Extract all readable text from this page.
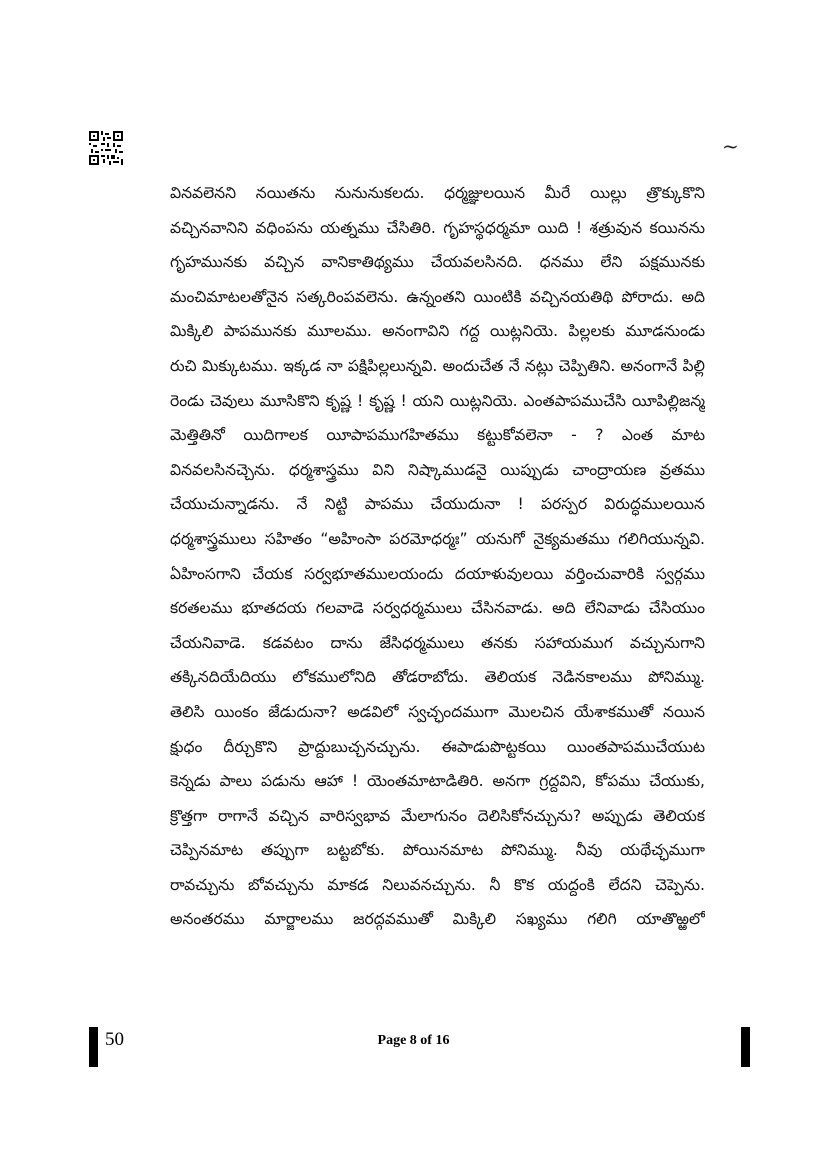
~
వినవలెనని నయితను నునునుకలదు. ధర్మజ్ఞులయిన మీరే యిల్లు త్రొక్కుకొని
వచ్చినవానిని వధింపను యత్నము చేసితిరి. గృహస్థధర్మమా యిది ! శత్రువున కయినను
గృహమునకు వచ్చిన వానికాతిథ్యము చేయవలసినది. ధనము లేని పక్షమునకు
మంచిమాటలతోనైన సత్కరింపవలెను. ఉన్నంతని యింటికి వచ్చినయతిథి పోరాదు. అది
మిక్కిలి పాపమునకు మూలము. అనంగావిని గద్ద యిట్లనియె. పిల్లలకు మూడనుండు
రుచి మిక్కుటము. ఇక్కడ నా పక్షిపిల్లలున్నవి. అందుచేత నే నట్లు చెప్పితిని. అనంగానే పిల్లి
రెండు చెవులు మూసికొని కృష్ణ ! కృష్ణ ! యని యిట్లనియె. ఎంతపాపముచేసి యీపిల్లిజన్మ
మెత్తితినో యిదిగాలక యీపాపముగహితము కట్టుకోవలెనా - ? ఎంత మాట
వినవలసినచ్చెను. ధర్మశాస్త్రము విని నిష్కాముడనై యిప్పుడు చాంద్రాయణ వ్రతము
చేయుచున్నాడను. నే నిట్టి పాపము చేయుదునా ! పరస్పర విరుద్ధములయిన
ధర్మశాస్త్రములు సహితం “అహింసా పరమోధర్మః” యనుగో నైక్యమతము గలిగియున్నవి.
ఏహింసగాని చేయక సర్వభూతములయందు దయాళువులయి వర్తించువారికి స్వర్గము
కరతలము భూతదయ గలవాడె సర్వధర్మములు చేసినవాడు. అది లేనివాడు చేసియుం
చేయనివాడె. కడవటం దాను జేసిధర్మములు తనకు సహాయముగ వచ్చునుగాని
తక్కినదియేదియు లోకములోనిది తోడరాబోదు. తెలియక నెడినకాలము పోనిమ్ము.
తెలిసి యింకం జేడుదునా? అడవిలో స్వచ్ఛందముగా మొలచిన యేశాకముతో నయిన
క్షుధం దీర్చుకొని ప్రాద్దుబుచ్చనచ్చును. ఈపాడుపొట్టకయి యింతపాపముచేయుట
కెన్నడు పాలు పడును ఆహా ! యెంతమాటాడితిరి. అనగా గ్రద్దవిని, కోపము చేయుకు,
క్రొత్తగా రాగానే వచ్చిన వారిస్వభావ మేలాగునం దెలిసికోనచ్చును? అప్పుడు తెలియక
చెప్పినమాట తప్పుగా బట్టబోకు. పోయినమాట పోనిమ్ము. నీవు యథేచ్ఛముగా
రావచ్చును బోవచ్చును మాకడ నిలువనచ్చును. నీ కొక యద్దంకి లేదని చెప్పెను.
అనంతరము మార్జాలము జరద్గవముతో మిక్కిలి సఖ్యము గలిగి యాతొఱ్ఱలో
50	Page 8 of 16
